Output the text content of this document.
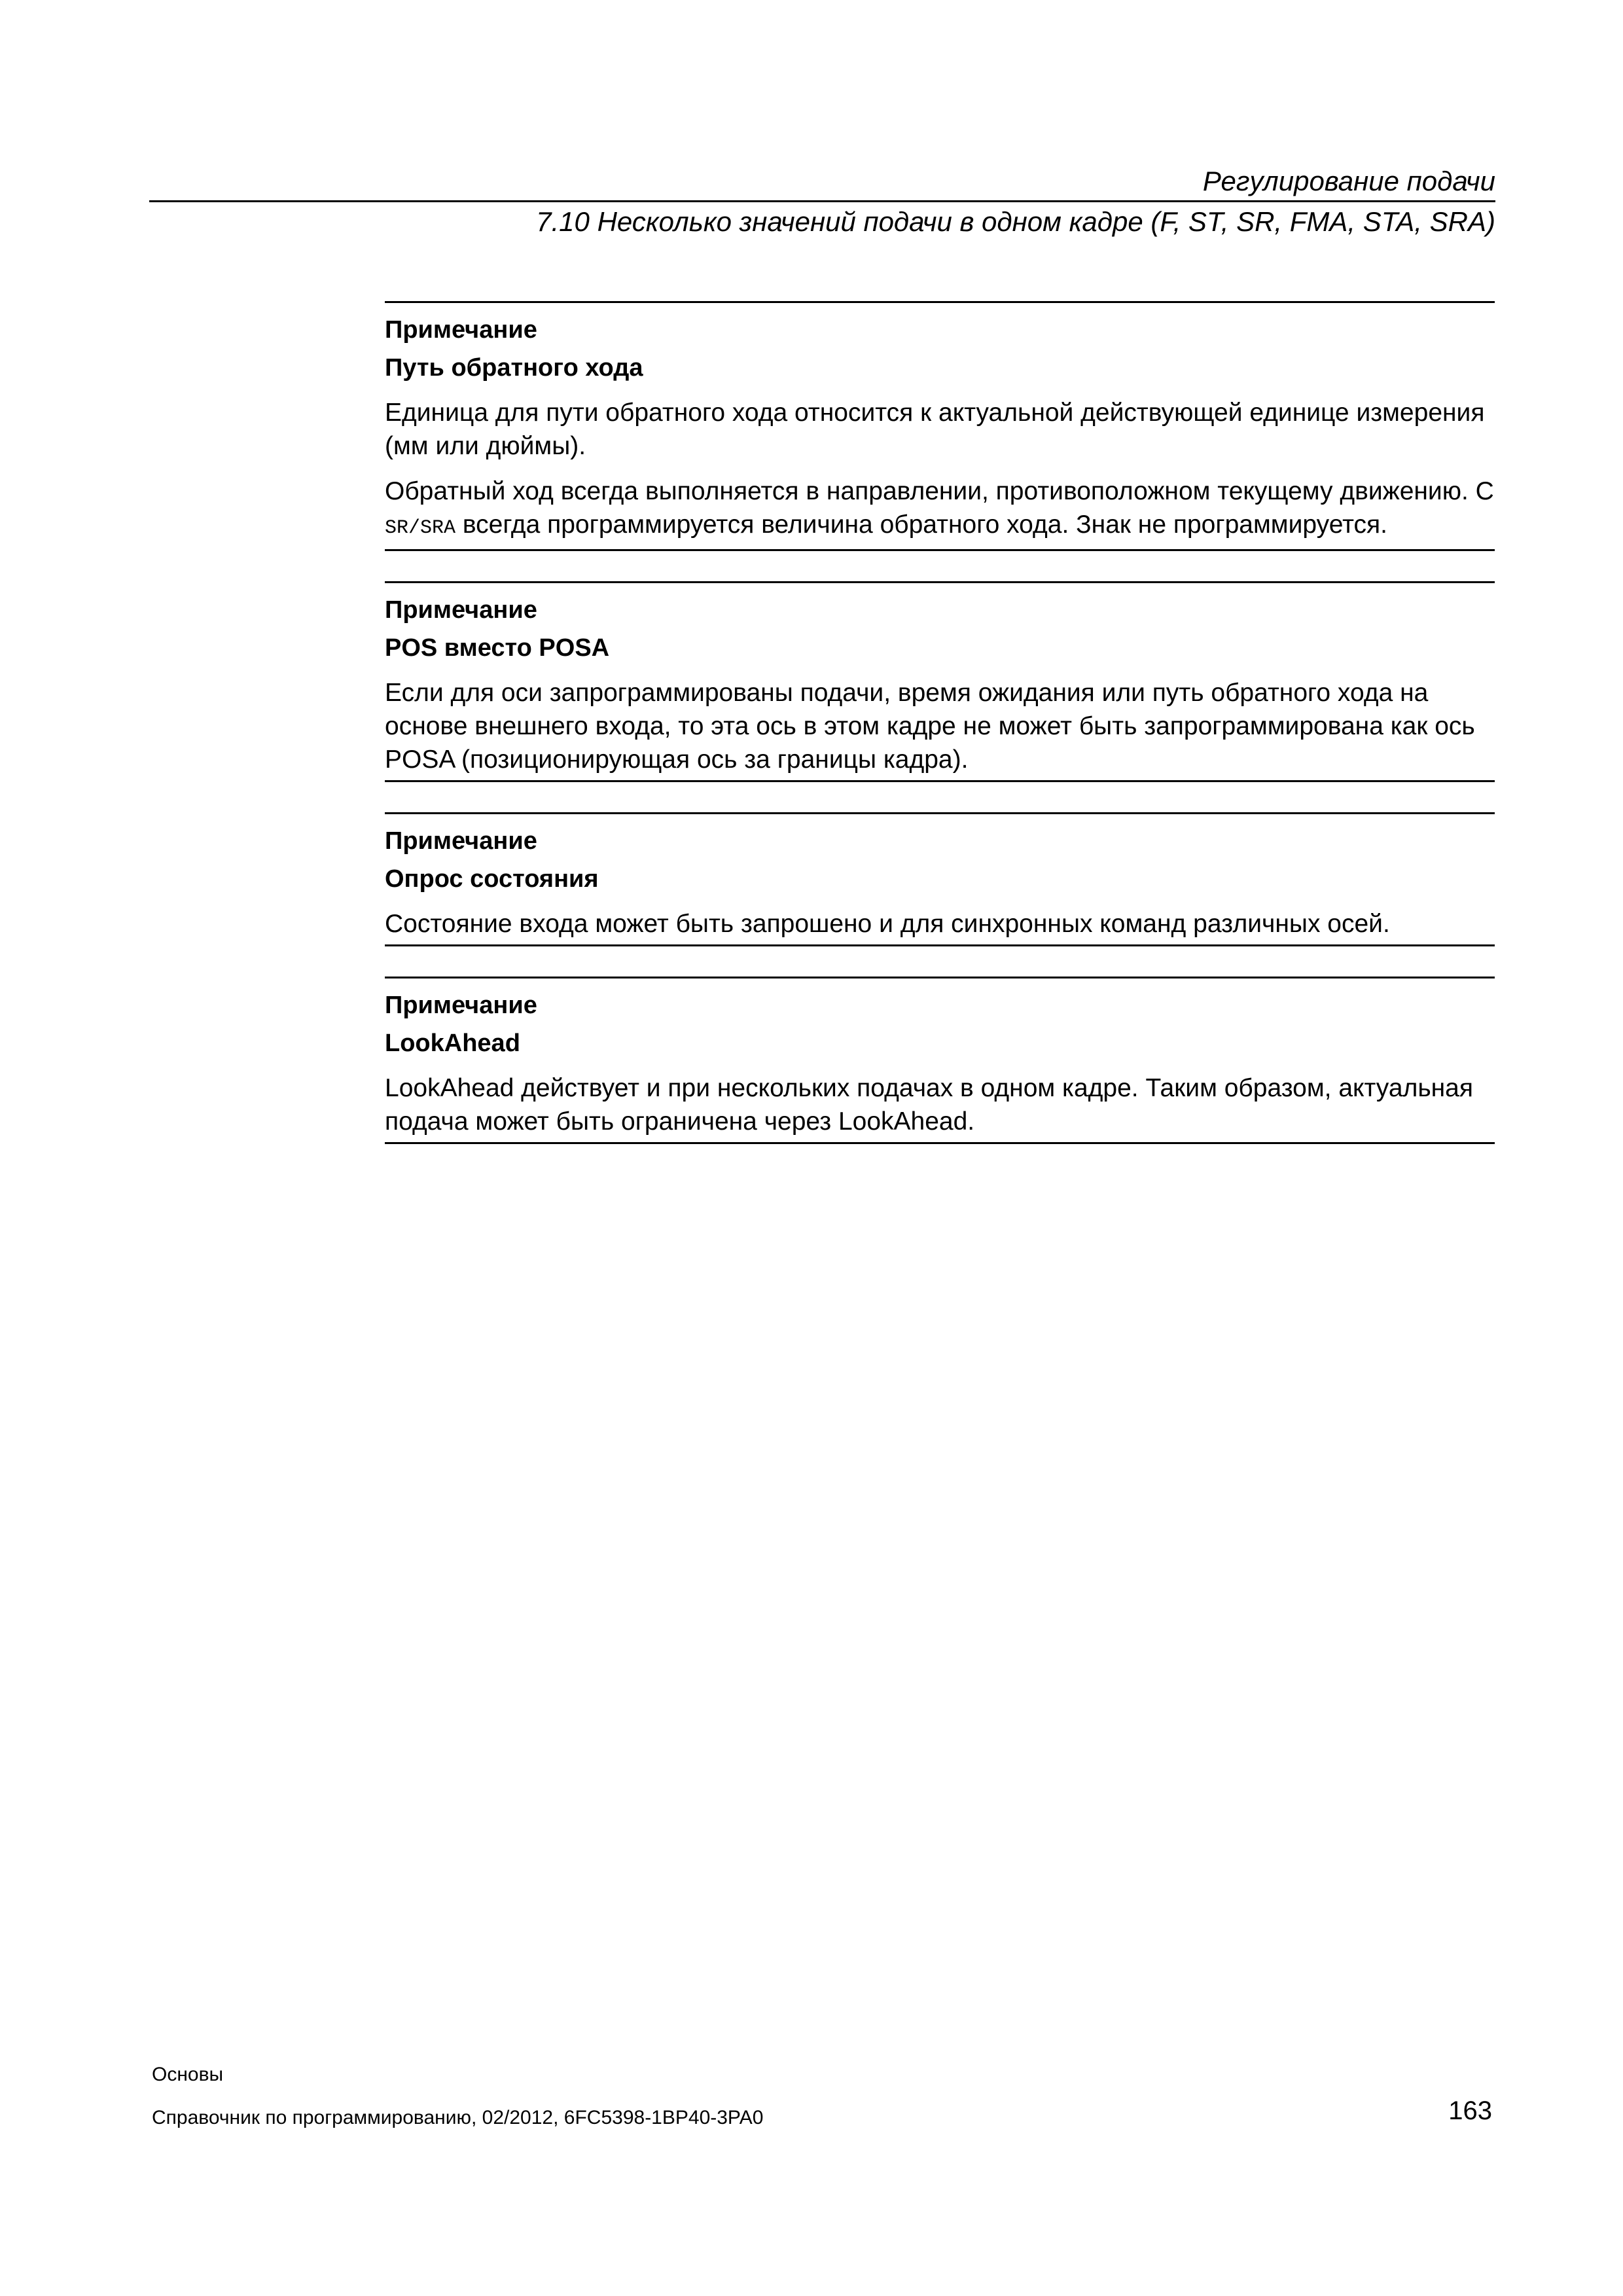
Регулирование подачи
7.10 Несколько значений подачи в одном кадре (F, ST, SR, FMA, STA, SRA)

Примечание

Путь обратного хода

Единица для пути обратного хода относится к актуальной действующей единице измерения (мм или дюймы).

Обратный ход всегда выполняется в направлении, противоположном текущему движению. С SR/SRA всегда программируется величина обратного хода. Знак не программируется.

Примечание

POS вместо POSA

Если для оси запрограммированы подачи, время ожидания или путь обратного хода на основе внешнего входа, то эта ось в этом кадре не может быть запрограммирована как ось POSA (позиционирующая ось за границы кадра).

Примечание

Опрос состояния

Состояние входа может быть запрошено и для синхронных команд различных осей.

Примечание

LookAhead

LookAhead действует и при нескольких подачах в одном кадре. Таким образом, актуальная подача может быть ограничена через LookAhead.

Основы
Справочник по программированию, 02/2012, 6FC5398-1BP40-3PA0	163
